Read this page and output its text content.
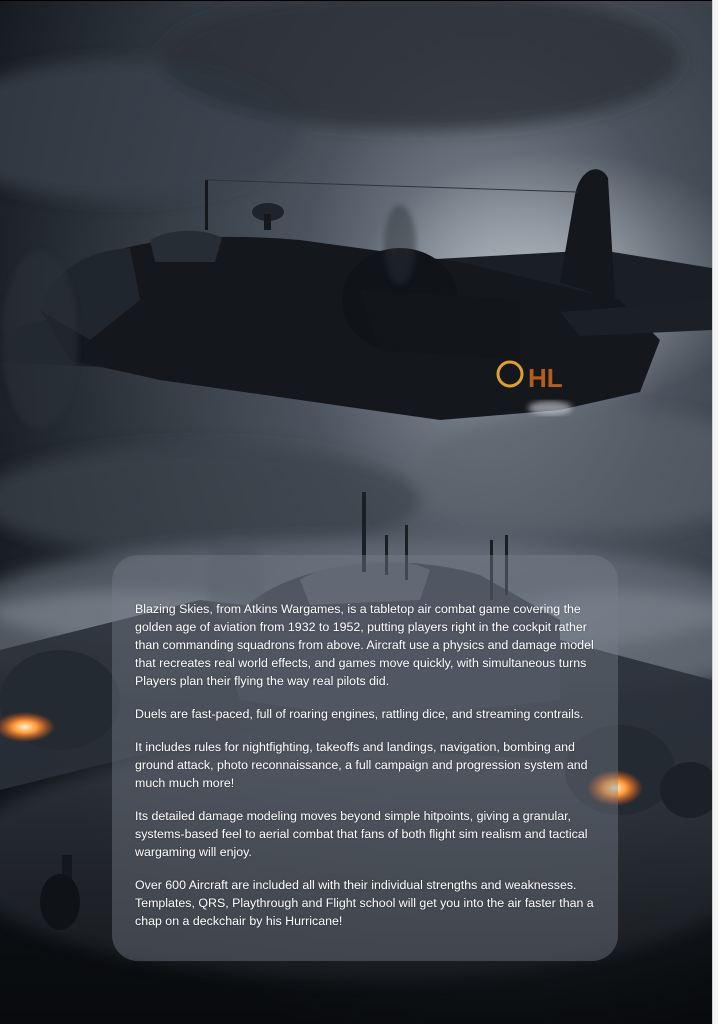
HL

Blazing Skies, from Atkins Wargames, is a tabletop air combat game covering the golden age of aviation from 1932 to 1952, putting players right in the cockpit rather than commanding squadrons from above. Aircraft use a physics and damage model that recreates real world effects, and games move quickly, with simultaneous turns Players plan their flying the way real pilots did.

Duels are fast-paced, full of roaring engines, rattling dice, and streaming contrails.

It includes rules for nightfighting, takeoffs and landings, navigation, bombing and ground attack, photo reconnaissance, a full campaign and progression system and much much more!

Its detailed damage modeling moves beyond simple hitpoints, giving a granular, systems-based feel to aerial combat that fans of both flight sim realism and tactical wargaming will enjoy.

Over 600 Aircraft are included all with their individual strengths and weaknesses. Templates, QRS, Playthrough and Flight school will get you into the air faster than a chap on a deckchair by his Hurricane!
